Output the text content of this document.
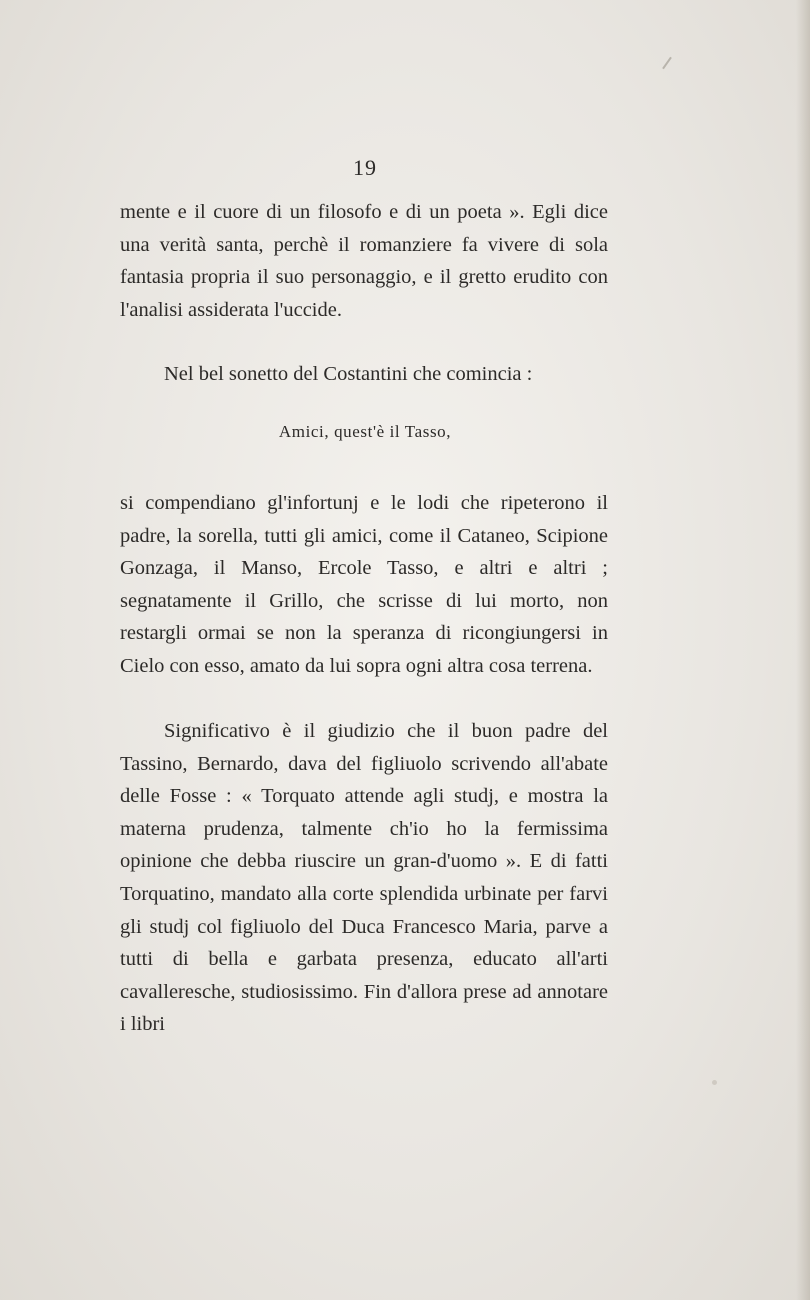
19

mente e il cuore di un filosofo e di un poeta ». Egli dice una verità santa, perchè il romanziere fa vivere di sola fantasia propria il suo personaggio, e il gretto erudito con l'analisi assiderata l'uccide.

Nel bel sonetto del Costantini che comincia :

Amici, quest'è il Tasso,

si compendiano gl'infortunj e le lodi che ripeterono il padre, la sorella, tutti gli amici, come il Cataneo, Scipione Gonzaga, il Manso, Ercole Tasso, e altri e altri ; segnatamente il Grillo, che scrisse di lui morto, non restargli ormai se non la speranza di ricongiungersi in Cielo con esso, amato da lui sopra ogni altra cosa terrena.

Significativo è il giudizio che il buon padre del Tassino, Bernardo, dava del figliuolo scrivendo all'abate delle Fosse : « Torquato attende agli studj, e mostra la materna prudenza, talmente ch'io ho la fermissima opinione che debba riuscire un gran-d'uomo ». E di fatti Torquatino, mandato alla corte splendida urbinate per farvi gli studj col figliuolo del Duca Francesco Maria, parve a tutti di bella e garbata presenza, educato all'arti cavalleresche, studiosissimo. Fin d'allora prese ad annotare i libri
